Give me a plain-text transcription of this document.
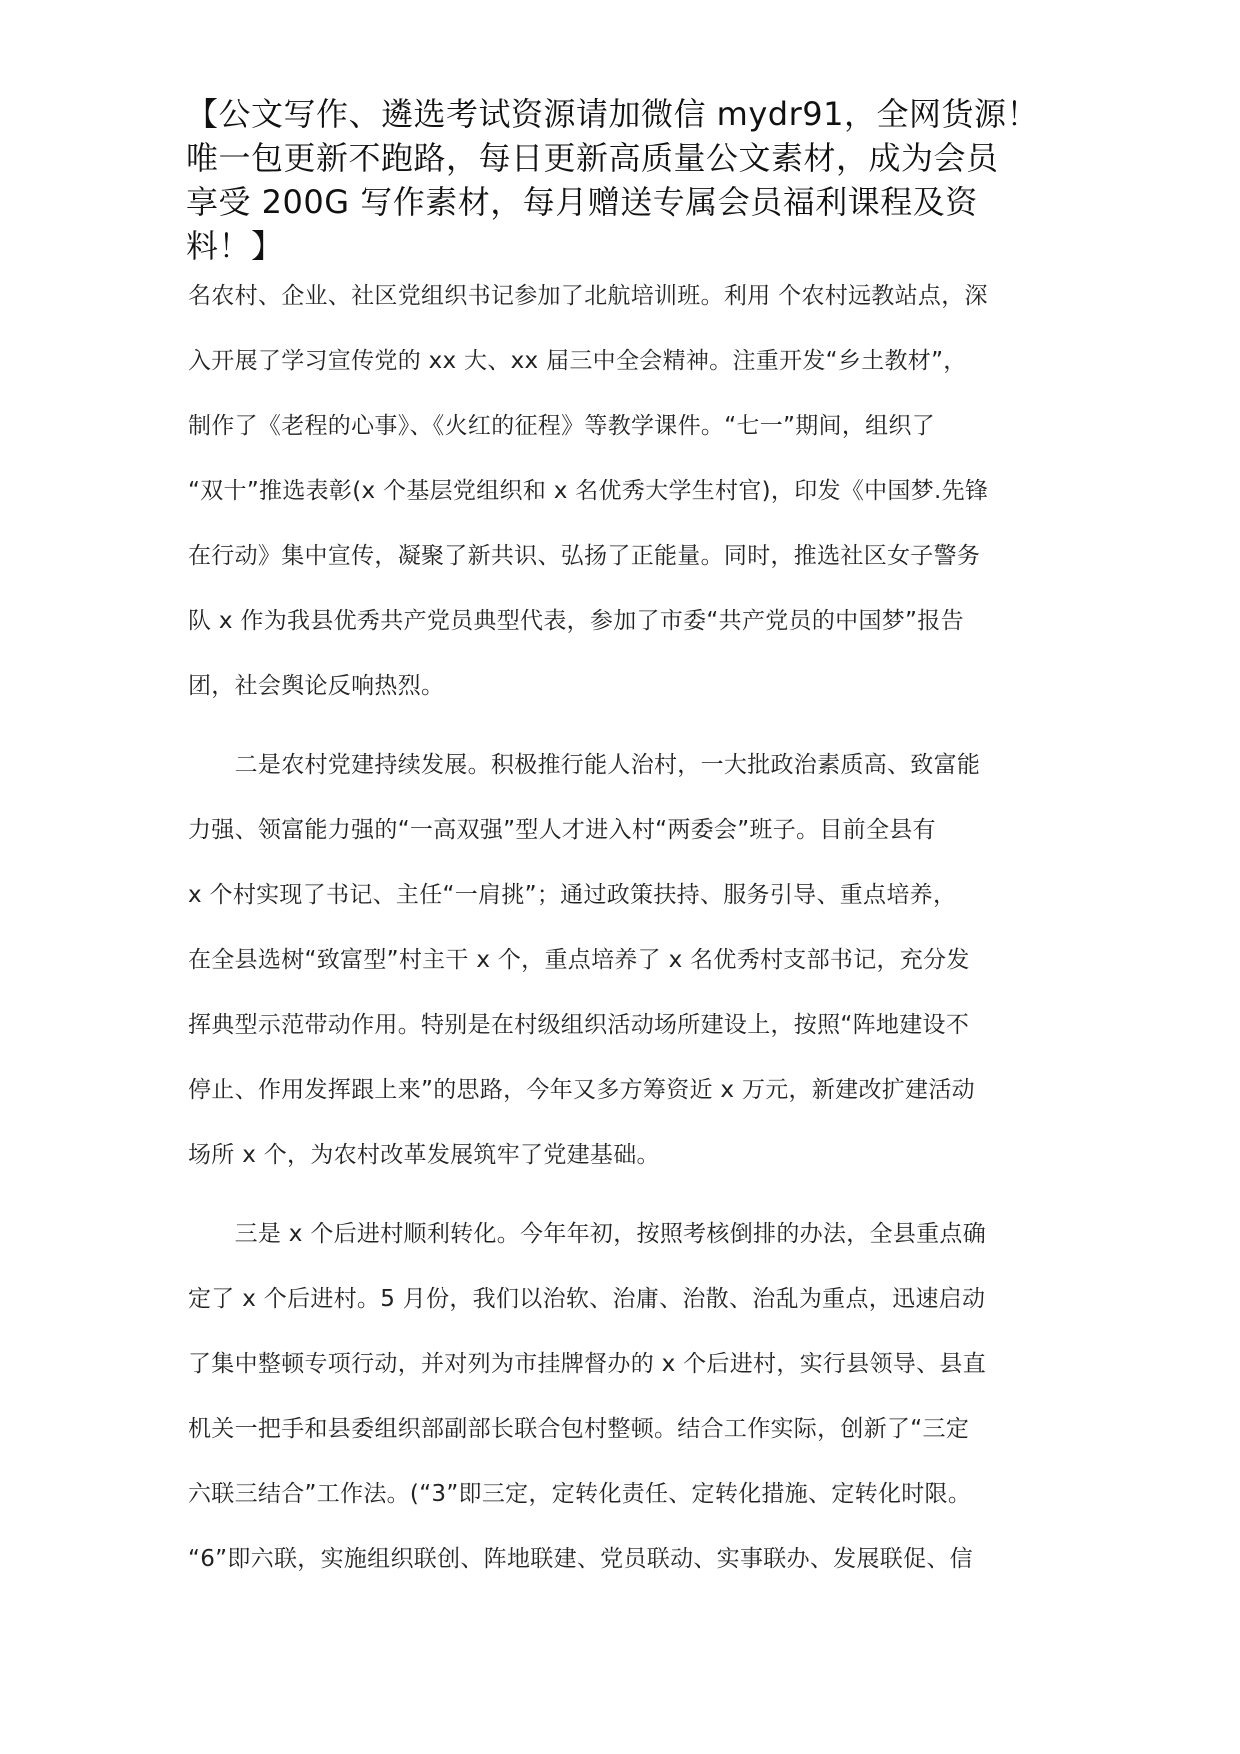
【公文写作、遴选考试资源请加微信 mydr91，全网货源！
唯一包更新不跑路，每日更新高质量公文素材，成为会员
享受 200G 写作素材，每月赠送专属会员福利课程及资
料！】
名农村、企业、社区党组织书记参加了北航培训班。利用 个农村远教站点，深
入开展了学习宣传党的 xx 大、xx 届三中全会精神。注重开发“乡土教材”，
制作了《老程的心事》、《火红的征程》等教学课件。“七一”期间，组织了
“双十”推选表彰(x 个基层党组织和 x 名优秀大学生村官)，印发《中国梦.先锋
在行动》集中宣传，凝聚了新共识、弘扬了正能量。同时，推选社区女子警务
队 x 作为我县优秀共产党员典型代表，参加了市委“共产党员的中国梦”报告
团，社会舆论反响热烈。
　　二是农村党建持续发展。积极推行能人治村，一大批政治素质高、致富能
力强、领富能力强的“一高双强”型人才进入村“两委会”班子。目前全县有
x 个村实现了书记、主任“一肩挑”；通过政策扶持、服务引导、重点培养，
在全县选树“致富型”村主干 x 个，重点培养了 x 名优秀村支部书记，充分发
挥典型示范带动作用。特别是在村级组织活动场所建设上，按照“阵地建设不
停止、作用发挥跟上来”的思路，今年又多方筹资近 x 万元，新建改扩建活动
场所 x 个，为农村改革发展筑牢了党建基础。
　　三是 x 个后进村顺利转化。今年年初，按照考核倒排的办法，全县重点确
定了 x 个后进村。5 月份，我们以治软、治庸、治散、治乱为重点，迅速启动
了集中整顿专项行动，并对列为市挂牌督办的 x 个后进村，实行县领导、县直
机关一把手和县委组织部副部长联合包村整顿。结合工作实际，创新了“三定
六联三结合”工作法。(“3”即三定，定转化责任、定转化措施、定转化时限。
“6”即六联，实施组织联创、阵地联建、党员联动、实事联办、发展联促、信
